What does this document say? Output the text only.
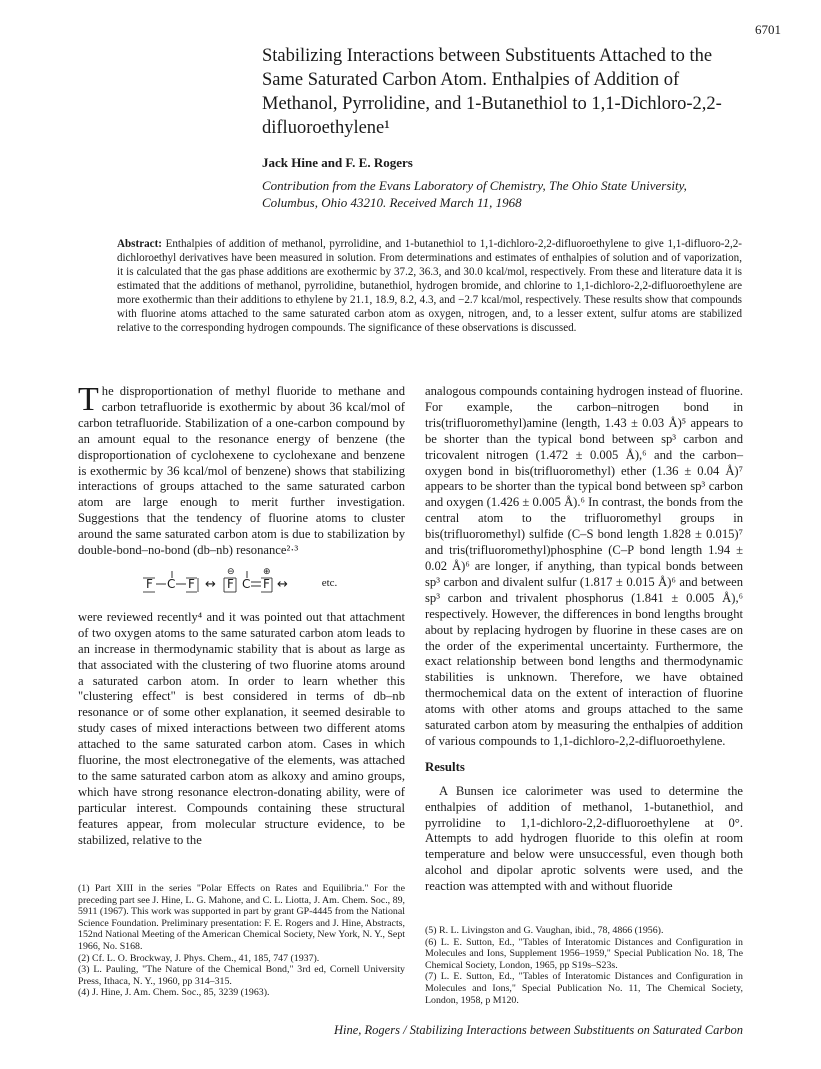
6701
Stabilizing Interactions between Substituents Attached to the Same Saturated Carbon Atom. Enthalpies of Addition of Methanol, Pyrrolidine, and 1-Butanethiol to 1,1-Dichloro-2,2-difluoroethylene¹
Jack Hine and F. E. Rogers
Contribution from the Evans Laboratory of Chemistry, The Ohio State University, Columbus, Ohio 43210. Received March 11, 1968

Abstract: Enthalpies of addition of methanol, pyrrolidine, and 1-butanethiol to 1,1-dichloro-2,2-difluoroethylene to give 1,1-difluoro-2,2-dichloroethyl derivatives have been measured in solution. From determinations and estimates of enthalpies of solution and of vaporization, it is calculated that the gas phase additions are exothermic by 37.2, 36.3, and 30.0 kcal/mol, respectively. From these and literature data it is estimated that the additions of methanol, pyrrolidine, butanethiol, hydrogen bromide, and chlorine to 1,1-dichloro-2,2-difluoroethylene are more exothermic than their additions to ethylene by 21.1, 18.9, 8.2, 4.3, and −2.7 kcal/mol, respectively. These results show that compounds with fluorine atoms attached to the same saturated carbon atom as oxygen, nitrogen, and, to a lesser extent, sulfur atoms are stabilized relative to the corresponding hydrogen compounds. The significance of these observations is discussed.

T he disproportionation of methyl fluoride to methane and carbon tetrafluoride is exothermic by about 36 kcal/mol of carbon tetrafluoride. Stabilization of a one-carbon compound by an amount equal to the resonance energy of benzene (the disproportionation of cyclohexene to cyclohexane and benzene is exothermic by 36 kcal/mol of benzene) shows that stabilizing interactions of groups attached to the same saturated carbon atom are large enough to merit further investigation. Suggestions that the tendency of fluorine atoms to cluster around the same saturated carbon atom is due to stabilization by double-bond–no-bond (db–nb) resonance²·³

F C F ↔
⊖
F C
⊕
F ↔	etc.

were reviewed recently⁴ and it was pointed out that attachment of two oxygen atoms to the same saturated carbon atom leads to an increase in thermodynamic stability that is about as large as that associated with the clustering of two fluorine atoms around a saturated carbon atom. In order to learn whether this "clustering effect" is best considered in terms of db–nb resonance or of some other explanation, it seemed desirable to study cases of mixed interactions between two different atoms attached to the same saturated carbon atom. Cases in which fluorine, the most electronegative of the elements, was attached to the same saturated carbon atom as alkoxy and amino groups, which have strong resonance electron-donating ability, were of particular interest. Compounds containing these structural features appear, from molecular structure evidence, to be stabilized, relative to the

analogous compounds containing hydrogen instead of fluorine. For example, the carbon–nitrogen bond in tris(trifluoromethyl)amine (length, 1.43 ± 0.03 Å)⁵ appears to be shorter than the typical bond between sp³ carbon and tricovalent nitrogen (1.472 ± 0.005 Å),⁶ and the carbon–oxygen bond in bis(trifluoromethyl) ether (1.36 ± 0.04 Å)⁷ appears to be shorter than the typical bond between sp³ carbon and oxygen (1.426 ± 0.005 Å).⁶ In contrast, the bonds from the central atom to the trifluoromethyl groups in bis(trifluoromethyl) sulfide (C–S bond length 1.828 ± 0.015)⁷ and tris(trifluoromethyl)phosphine (C–P bond length 1.94 ± 0.02 Å)⁶ are longer, if anything, than typical bonds between sp³ carbon and divalent sulfur (1.817 ± 0.015 Å)⁶ and between sp³ carbon and trivalent phosphorus (1.841 ± 0.005 Å),⁶ respectively. However, the differences in bond lengths brought about by replacing hydrogen by fluorine in these cases are on the order of the experimental uncertainty. Furthermore, the exact relationship between bond lengths and thermodynamic stabilities is unknown. Therefore, we have obtained thermochemical data on the extent of interaction of fluorine atoms with other atoms and groups attached to the same saturated carbon atom by measuring the enthalpies of addition of various compounds to 1,1-dichloro-2,2-difluoroethylene.

Results

A Bunsen ice calorimeter was used to determine the enthalpies of addition of methanol, 1-butanethiol, and pyrrolidine to 1,1-dichloro-2,2-difluoroethylene at 0°. Attempts to add hydrogen fluoride to this olefin at room temperature and below were unsuccessful, even though both alcohol and dipolar aprotic solvents were used, and the reaction was attempted with and without fluoride

(1) Part XIII in the series "Polar Effects on Rates and Equilibria." For the preceding part see J. Hine, L. G. Mahone, and C. L. Liotta, J. Am. Chem. Soc., 89, 5911 (1967). This work was supported in part by grant GP-4445 from the National Science Foundation. Preliminary presentation: F. E. Rogers and J. Hine, Abstracts, 152nd National Meeting of the American Chemical Society, New York, N. Y., Sept 1966, No. S168.

(2) Cf. L. O. Brockway, J. Phys. Chem., 41, 185, 747 (1937).

(3) L. Pauling, "The Nature of the Chemical Bond," 3rd ed, Cornell University Press, Ithaca, N. Y., 1960, pp 314–315.

(4) J. Hine, J. Am. Chem. Soc., 85, 3239 (1963).

(5) R. L. Livingston and G. Vaughan, ibid., 78, 4866 (1956).

(6) L. E. Sutton, Ed., "Tables of Interatomic Distances and Configuration in Molecules and Ions, Supplement 1956–1959," Special Publication No. 18, The Chemical Society, London, 1965, pp S19s–S23s.

(7) L. E. Sutton, Ed., "Tables of Interatomic Distances and Configuration in Molecules and Ions," Special Publication No. 11, The Chemical Society, London, 1958, p M120.

Hine, Rogers / Stabilizing Interactions between Substituents on Saturated Carbon
